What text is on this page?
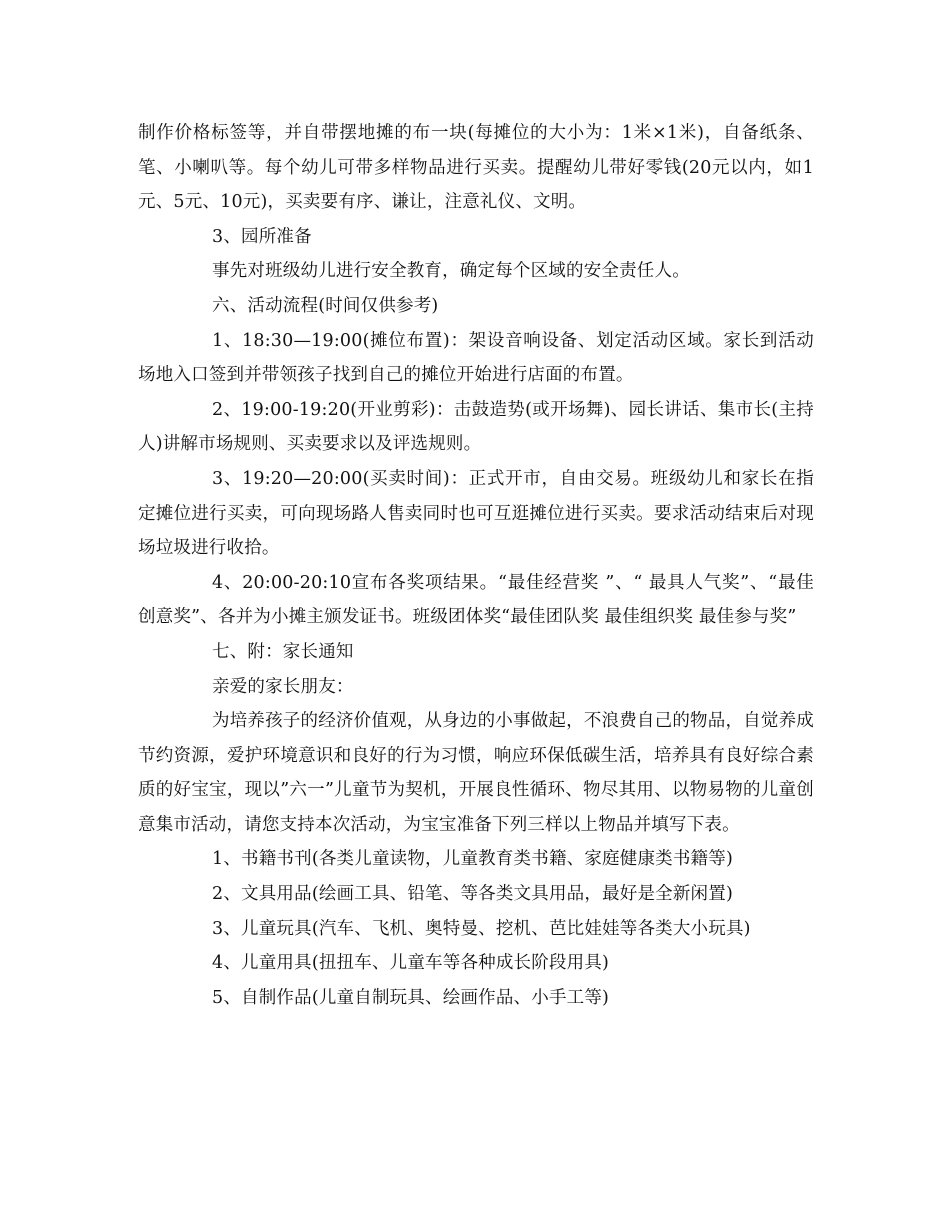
制作价格标签等，并自带摆地摊的布一块(每摊位的大小为：1米×1米)，自备纸条、笔、小喇叭等。每个幼儿可带多样物品进行买卖。提醒幼儿带好零钱(20元以内，如1元、5元、10元)，买卖要有序、谦让，注意礼仪、文明。

3、园所准备

事先对班级幼儿进行安全教育，确定每个区域的安全责任人。

六、活动流程(时间仅供参考)

1、18:30—19:00(摊位布置)：架设音响设备、划定活动区域。家长到活动场地入口签到并带领孩子找到自己的摊位开始进行店面的布置。

2、19:00-19:20(开业剪彩)：击鼓造势(或开场舞)、园长讲话、集市长(主持人)讲解市场规则、买卖要求以及评选规则。

3、19:20—20:00(买卖时间)：正式开市，自由交易。班级幼儿和家长在指定摊位进行买卖，可向现场路人售卖同时也可互逛摊位进行买卖。要求活动结束后对现场垃圾进行收拾。

4、20:00-20:10宣布各奖项结果。“最佳经营奖 ”、“ 最具人气奖”、“最佳创意奖”、各并为小摊主颁发证书。班级团体奖“最佳团队奖 最佳组织奖 最佳参与奖”

七、附：家长通知

亲爱的家长朋友：

为培养孩子的经济价值观，从身边的小事做起，不浪费自己的物品，自觉养成节约资源，爱护环境意识和良好的行为习惯，响应环保低碳生活，培养具有良好综合素质的好宝宝，现以”六一”儿童节为契机，开展良性循环、物尽其用、以物易物的儿童创意集市活动，请您支持本次活动，为宝宝准备下列三样以上物品并填写下表。

1、书籍书刊(各类儿童读物，儿童教育类书籍、家庭健康类书籍等)

2、文具用品(绘画工具、铅笔、等各类文具用品，最好是全新闲置)

3、儿童玩具(汽车、飞机、奥特曼、挖机、芭比娃娃等各类大小玩具)

4、儿童用具(扭扭车、儿童车等各种成长阶段用具)

5、自制作品(儿童自制玩具、绘画作品、小手工等)
